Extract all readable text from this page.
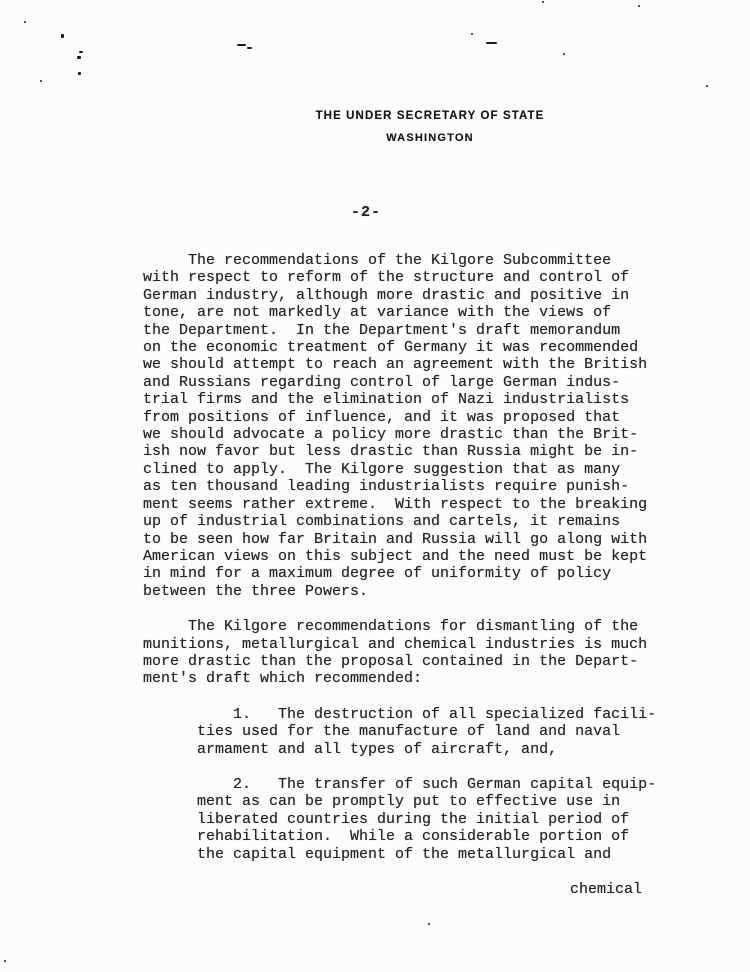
THE UNDER SECRETARY OF STATE
WASHINGTON
-2-
The recommendations of the Kilgore Subcommittee
with respect to reform of the structure and control of
German industry, although more drastic and positive in
tone, are not markedly at variance with the views of
the Department.  In the Department's draft memorandum
on the economic treatment of Germany it was recommended
we should attempt to reach an agreement with the British
and Russians regarding control of large German indus-
trial firms and the elimination of Nazi industrialists
from positions of influence, and it was proposed that
we should advocate a policy more drastic than the Brit-
ish now favor but less drastic than Russia might be in-
clined to apply.  The Kilgore suggestion that as many
as ten thousand leading industrialists require punish-
ment seems rather extreme.  With respect to the breaking
up of industrial combinations and cartels, it remains
to be seen how far Britain and Russia will go along with
American views on this subject and the need must be kept
in mind for a maximum degree of uniformity of policy
between the three Powers.
The Kilgore recommendations for dismantling of the
munitions, metallurgical and chemical industries is much
more drastic than the proposal contained in the Depart-
ment's draft which recommended:
1.   The destruction of all specialized facili-
ties used for the manufacture of land and naval
armament and all types of aircraft, and,
2.   The transfer of such German capital equip-
ment as can be promptly put to effective use in
liberated countries during the initial period of
rehabilitation.  While a considerable portion of
the capital equipment of the metallurgical and
chemical
